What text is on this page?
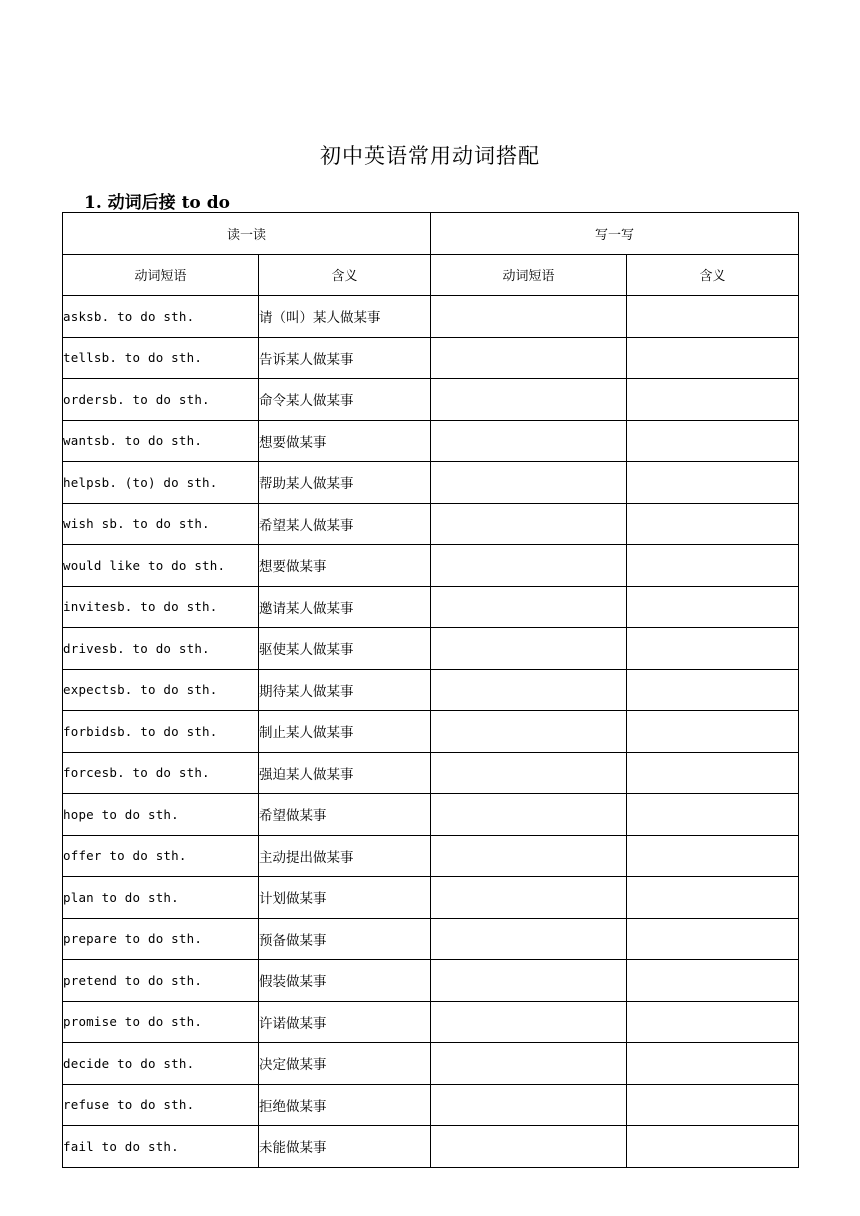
初中英语常用动词搭配
1. 动词后接 to do
读一读		写一写	
动词短语	含义	动词短语	含义
asksb. to do sth.	请（叫）某人做某事		
tellsb. to do sth.	告诉某人做某事		
ordersb. to do sth.	命令某人做某事		
wantsb. to do sth.	想要做某事		
helpsb. (to) do sth.	帮助某人做某事		
wish sb. to do sth.	希望某人做某事		
would like to do sth.	想要做某事		
invitesb. to do sth.	邀请某人做某事		
drivesb. to do sth.	驱使某人做某事		
expectsb. to do sth.	期待某人做某事		
forbidsb. to do sth.	制止某人做某事		
forcesb. to do sth.	强迫某人做某事		
hope to do sth.	希望做某事		
offer to do sth.	主动提出做某事		
plan to do sth.	计划做某事		
prepare to do sth.	预备做某事		
pretend to do sth.	假装做某事		
promise to do sth.	许诺做某事		
decide to do sth.	决定做某事		
refuse to do sth.	拒绝做某事		
fail to do sth.	未能做某事		
